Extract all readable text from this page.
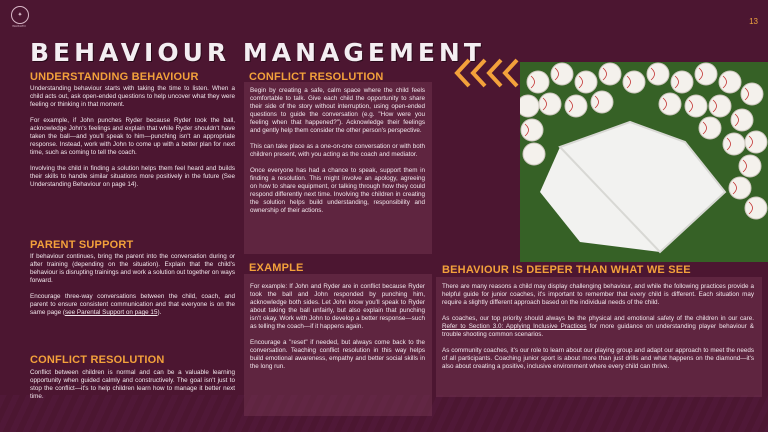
✦
WAIKATO	13
BEHAVIOUR MANAGEMENT
UNDERSTANDING BEHAVIOUR

Understanding behaviour starts with taking the time to listen. When a child acts out, ask open-ended questions to help uncover what they were feeling or thinking in that moment.

For example, if John punches Ryder because Ryder took the ball, acknowledge John's feelings and explain that while Ryder shouldn't have taken the ball—and you'll speak to him—punching isn't an appropriate response. Instead, work with John to come up with a better plan for next time, such as coming to tell the coach.

Involving the child in finding a solution helps them feel heard and builds their skills to handle similar situations more positively in the future (See Understanding Behaviour on page 14).

PARENT SUPPORT

If behaviour continues, bring the parent into the conversation during or after training (depending on the situation). Explain that the child's behaviour is disrupting trainings and work a solution out together on ways forward.

Encourage three-way conversations between the child, coach, and parent to ensure consistent communication and that everyone is on the same page (see Parental Support on page 15).

CONFLICT RESOLUTION

Conflict between children is normal and can be a valuable learning opportunity when guided calmly and constructively. The goal isn't just to stop the conflict—it's to help children learn how to manage it better next time.

CONFLICT RESOLUTION

Begin by creating a safe, calm space where the child feels comfortable to talk. Give each child the opportunity to share their side of the story without interruption, using open-ended questions to guide the conversation (e.g. "How were you feeling when that happened?"). Acknowledge their feelings and gently help them consider the other person's perspective.

This can take place as a one-on-one conversation or with both children present, with you acting as the coach and mediator.

Once everyone has had a chance to speak, support them in finding a resolution. This might involve an apology, agreeing on how to share equipment, or talking through how they could respond differently next time. Involving the children in creating the solution helps build understanding, responsibility and ownership of their actions.

EXAMPLE

For example: If John and Ryder are in conflict because Ryder took the ball and John responded by punching him, acknowledge both sides. Let John know you'll speak to Ryder about taking the ball unfairly, but also explain that punching isn't okay. Work with John to develop a better response—such as telling the coach—if it happens again.

Encourage a "reset" if needed, but always come back to the conversation. Teaching conflict resolution in this way helps build emotional awareness, empathy and better social skills in the long run.

BEHAVIOUR IS DEEPER THAN WHAT WE SEE

There are many reasons a child may display challenging behaviour, and while the following practices provide a helpful guide for junior coaches, it's important to remember that every child is different. Each situation may require a slightly different approach based on the individual needs of the child.

As coaches, our top priority should always be the physical and emotional safety of the children in our care. Refer to Section 3.0: Applying Inclusive Practices for more guidance on understanding player behaviour & trouble shooting common scenarios.

As community coaches, it's our role to learn about our playing group and adapt our approach to meet the needs of all participants. Coaching junior sport is about more than just drills and what happens on the diamond—it's also about creating a positive, inclusive environment where every child can thrive.
